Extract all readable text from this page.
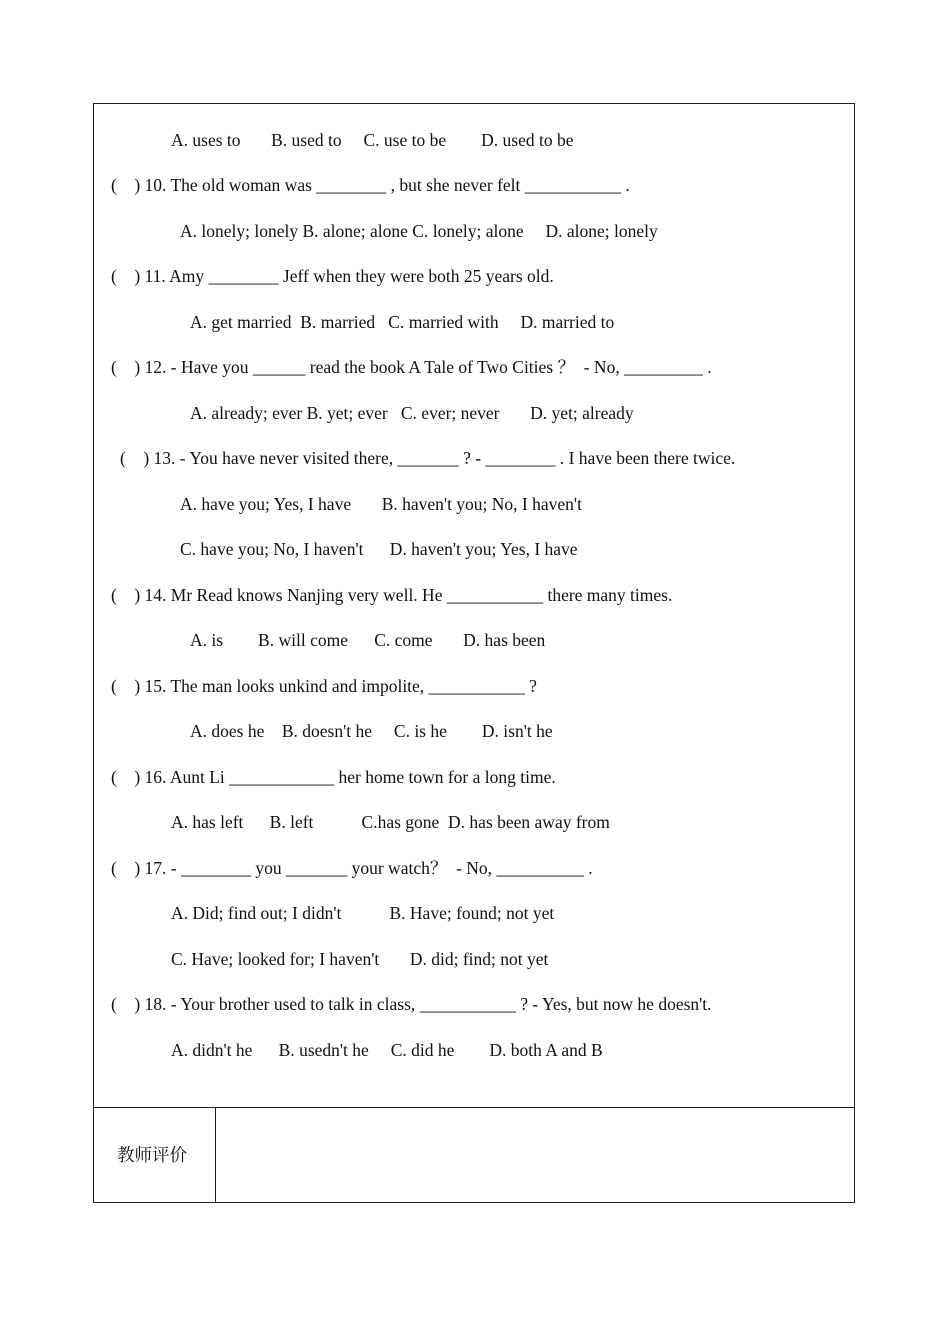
A. uses to       B. used to     C. use to be        D. used to be
(    ) 10. The old woman was ________ , but she never felt ___________ .
A. lonely; lonely B. alone; alone C. lonely; alone     D. alone; lonely
(    ) 11. Amy ________ Jeff when they were both 25 years old.
A. get married  B. married   C. married with     D. married to
(    ) 12. - Have you ______ read the book A Tale of Two Cities ？  - No, _________ .
A. already; ever B. yet; ever   C. ever; never       D. yet; already
(    ) 13. - You have never visited there, _______ ? - ________ . I have been there twice.
A. have you; Yes, I have       B. haven't you; No, I haven't
C. have you; No, I haven't      D. haven't you; Yes, I have
(    ) 14. Mr Read knows Nanjing very well. He ___________ there many times.
A. is        B. will come      C. come       D. has been
(    ) 15. The man looks unkind and impolite, ___________ ?
A. does he    B. doesn't he     C. is he        D. isn't he
(    ) 16. Aunt Li ____________ her home town for a long time.
A. has left      B. left           C.has gone  D. has been away from
(    ) 17. - ________ you _______ your watch？  - No, __________ .
A. Did; find out; I didn't           B. Have; found; not yet
C. Have; looked for; I haven't       D. did; find; not yet
(    ) 18. - Your brother used to talk in class, ___________ ? - Yes, but now he doesn't.
A. didn't he      B. usedn't he     C. did he        D. both A and B
教师评价
